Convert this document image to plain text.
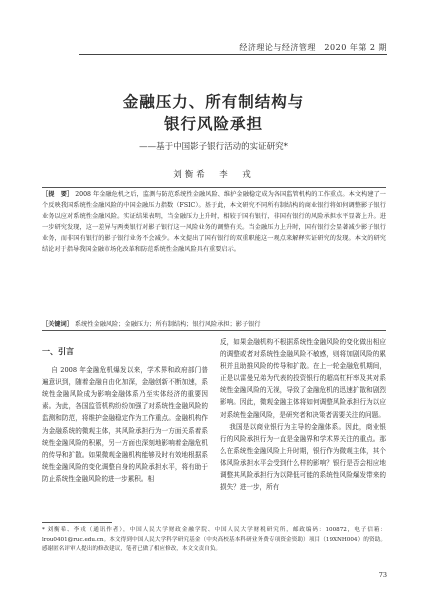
经济理论与经济管理　2020 年第 2 期
金融压力、所有制结构与
银行风险承担
——基于中国影子银行活动的实证研究*
刘衡希　李　戎
［提　要］ 2008 年金融危机之后，监测与防范系统性金融风险、维护金融稳定成为各国监管机构的工作重点。本文构建了一个反映我国系统性金融风险的中国金融压力指数（FSIC）。基于此，本文研究不同所有制结构的商业银行将如何调整影子银行业务以应对系统性金融风险。实证结果表明，当金融压力上升时，相较于国有银行，非国有银行的风险承担水平显著上升。进一步研究发现，这一差异与两类银行对影子银行这一风险业务的调整有关。当金融压力上升时，国有银行会显著减少影子银行业务，而非国有银行的影子银行业务不会减少。本文提出了国有银行的双重职能这一观点来解释实证研究的发现。本文的研究结论对于指导我国金融市场化改革和防范系统性金融风险具有重要启示。
［关键词］ 系统性金融风险；金融压力；所有制结构；银行风险承担；影子银行
一、引言

自 2008 年金融危机爆发以来，学术界和政府部门普遍意识到，随着金融自由化加深，金融创新不断加速，系统性金融风险成为影响金融体系乃至实体经济的重要因素。为此，各国监管机构纷纷加强了对系统性金融风险的监测和防范，将维护金融稳定作为工作重点。金融机构作为金融系统的微观主体，其风险承担行为一方面关系着系统性金融风险的积累，另一方面也深刻地影响着金融危机的传导和扩散。如果微观金融机构能够及时有效地根据系统性金融风险的变化调整自身的风险承担水平，将有助于防止系统性金融风险的进一步累积。相

反，如果金融机构不根据系统性金融风险的变化做出相应的调整或者对系统性金融风险不敏感，则将加剧风险的累积并且助推风险的传导和扩散。在上一轮金融危机期间，正是以雷曼兄弟为代表的投资银行的超高杠杆率及其对系统性金融风险的无视，导致了金融危机的迅速扩散和剧烈影响。因此，微观金融主体将如何调整风险承担行为以应对系统性金融风险，是研究者和决策者需要关注的问题。

我国是以商业银行为主导的金融体系。因此，商业银行的风险承担行为一直是金融界和学术界关注的重点。那么在系统性金融风险上升时期，银行作为微观主体，其个体风险承担水平会受到什么样的影响？银行是否会相应地调整其风险承担行为以降低可能的系统性风险爆发带来的损失？进一步，所有

* 刘衡希、李戎（通讯作者），中国人民大学财政金融学院、中国人民大学财税研究所，邮政编码：100872，电子信箱：lrou0401@ruc.edu.cn。本文得到中国人民大学科学研究基金（中央高校基本科研业务费专项资金资助）项目（19XNH004）的资助。感谢匿名评审人提出的修改建议，笔者已做了相应修改，本文文责自负。
73
